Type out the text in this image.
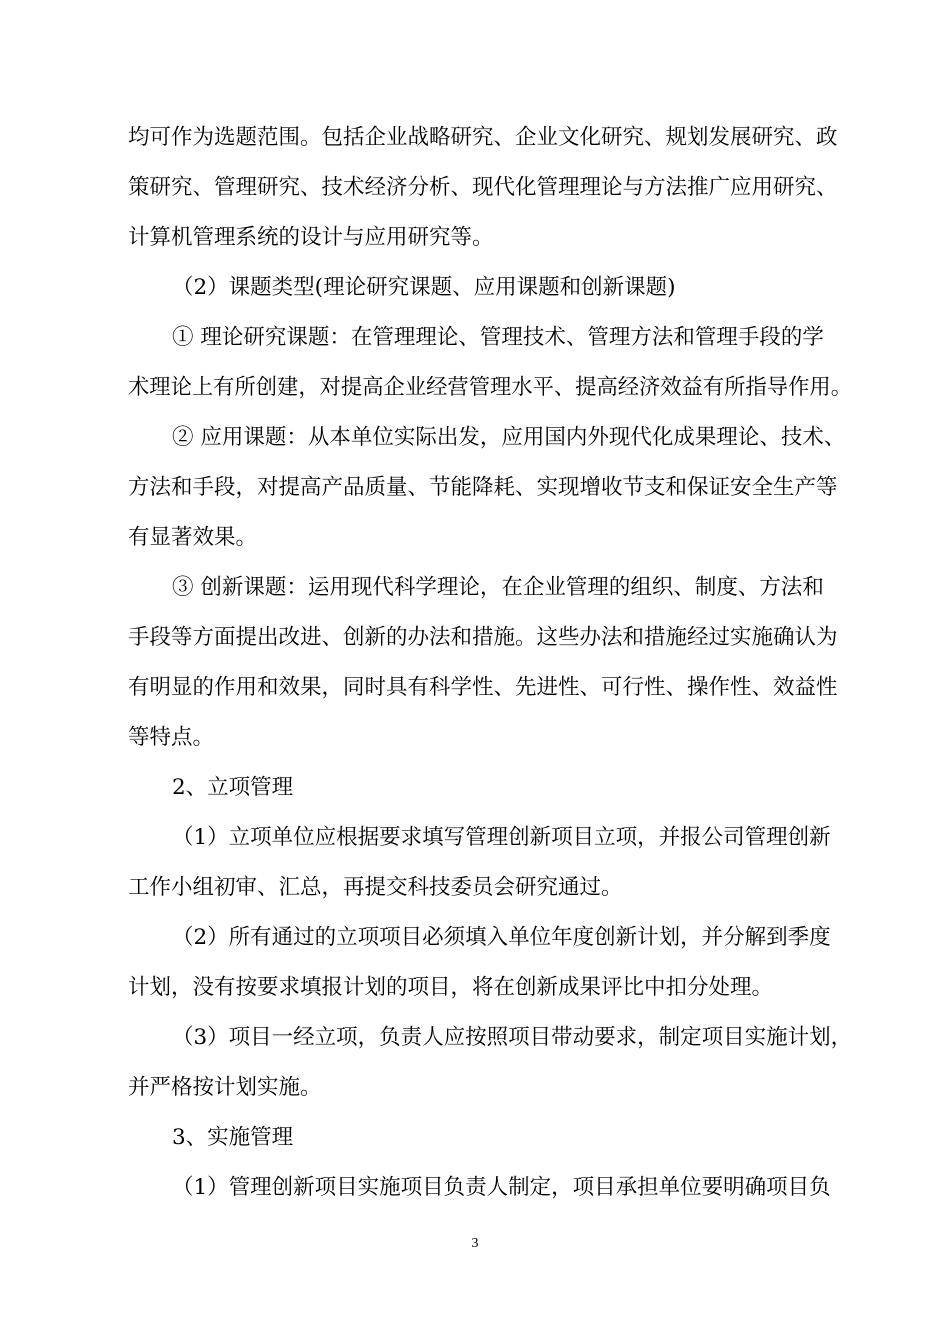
均可作为选题范围。包括企业战略研究、企业文化研究、规划发展研究、政
策研究、管理研究、技术经济分析、现代化管理理论与方法推广应用研究、
计算机管理系统的设计与应用研究等。
（2）课题类型(理论研究课题、应用课题和创新课题)
① 理论研究课题：在管理理论、管理技术、管理方法和管理手段的学
术理论上有所创建，对提高企业经营管理水平、提高经济效益有所指导作用。
② 应用课题：从本单位实际出发，应用国内外现代化成果理论、技术、
方法和手段，对提高产品质量、节能降耗、实现增收节支和保证安全生产等
有显著效果。
③ 创新课题：运用现代科学理论，在企业管理的组织、制度、方法和
手段等方面提出改进、创新的办法和措施。这些办法和措施经过实施确认为
有明显的作用和效果，同时具有科学性、先进性、可行性、操作性、效益性
等特点。
2、立项管理
（1）立项单位应根据要求填写管理创新项目立项，并报公司管理创新
工作小组初审、汇总，再提交科技委员会研究通过。
（2）所有通过的立项项目必须填入单位年度创新计划，并分解到季度
计划，没有按要求填报计划的项目，将在创新成果评比中扣分处理。
（3）项目一经立项，负责人应按照项目带动要求，制定项目实施计划，
并严格按计划实施。
3、实施管理
（1）管理创新项目实施项目负责人制定，项目承担单位要明确项目负
3
